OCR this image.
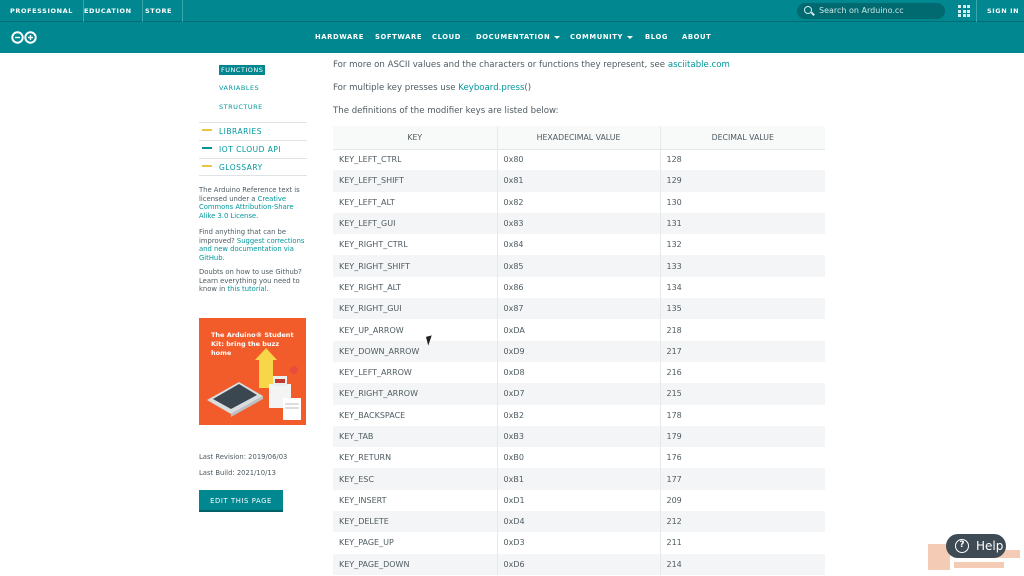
PROFESSIONAL	EDUCATION	STORE	Search on Arduino.cc	SIGN IN
HARDWARE SOFTWARE CLOUD DOCUMENTATION	COMMUNITY	BLOG ABOUT
FUNCTIONS
VARIABLES
STRUCTURE
LIBRARIES
IOT CLOUD API
GLOSSARY
The Arduino Reference text is licensed under a Creative Commons Attribution-Share Alike 3.0 License.
Find anything that can be improved? Suggest corrections and new documentation via GitHub.
Doubts on how to use Github? Learn everything you need to know in this tutorial.
The Arduino® Student Kit: bring the buzz home
Last Revision: 2019/06/03
Last Build: 2021/10/13
EDIT THIS PAGE
For more on ASCII values and the characters or functions they represent, see asciitable.com
For multiple key presses use Keyboard.press()
The definitions of the modifier keys are listed below:
KEY	HEXADECIMAL VALUE	DECIMAL VALUE
KEY_LEFT_CTRL	0x80	128
KEY_LEFT_SHIFT	0x81	129
KEY_LEFT_ALT	0x82	130
KEY_LEFT_GUI	0x83	131
KEY_RIGHT_CTRL	0x84	132
KEY_RIGHT_SHIFT	0x85	133
KEY_RIGHT_ALT	0x86	134
KEY_RIGHT_GUI	0x87	135
KEY_UP_ARROW	0xDA	218
KEY_DOWN_ARROW	0xD9	217
KEY_LEFT_ARROW	0xD8	216
KEY_RIGHT_ARROW	0xD7	215
KEY_BACKSPACE	0xB2	178
KEY_TAB	0xB3	179
KEY_RETURN	0xB0	176
KEY_ESC	0xB1	177
KEY_INSERT	0xD1	209
KEY_DELETE	0xD4	212
KEY_PAGE_UP	0xD3	211
KEY_PAGE_DOWN	0xD6	214
? Help
